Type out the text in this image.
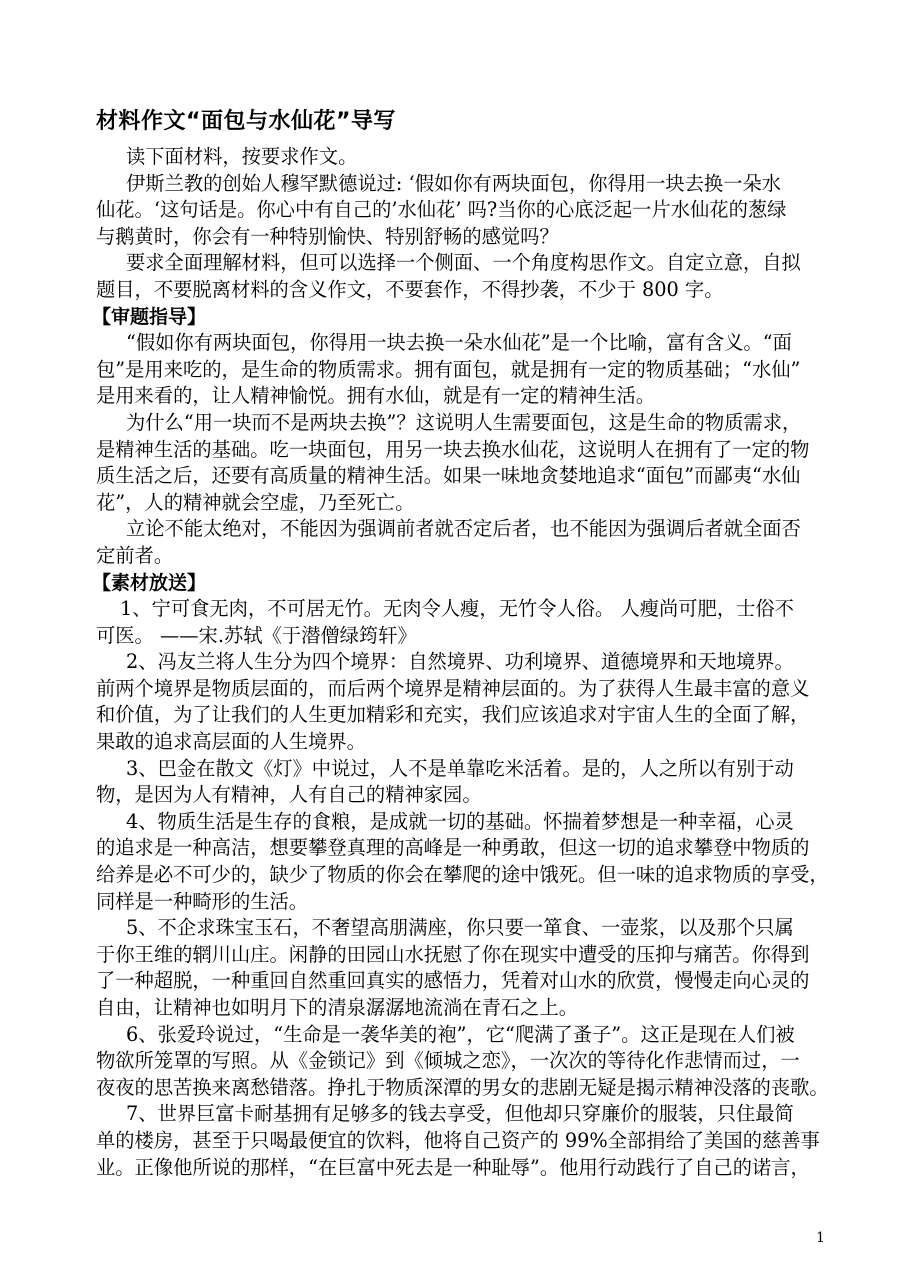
材料作文“面包与水仙花”导写
读下面材料，按要求作文。
伊斯兰教的创始人穆罕默德说过: ‘假如你有两块面包，你得用一块去换一朵水
仙花。‘这句话是。你心中有自己的’水仙花’ 吗?当你的心底泛起一片水仙花的葱绿
与鹅黄时，你会有一种特别愉快、特别舒畅的感觉吗？
要求全面理解材料，但可以选择一个侧面、一个角度构思作文。自定立意，自拟
题目，不要脱离材料的含义作文，不要套作，不得抄袭，不少于 800 字。
【审题指导】
“假如你有两块面包，你得用一块去换一朵水仙花”是一个比喻，富有含义。“面
包”是用来吃的，是生命的物质需求。拥有面包，就是拥有一定的物质基础；“水仙”
是用来看的，让人精神愉悦。拥有水仙，就是有一定的精神生活。
为什么“用一块而不是两块去换”？这说明人生需要面包，这是生命的物质需求，
是精神生活的基础。吃一块面包，用另一块去换水仙花，这说明人在拥有了一定的物
质生活之后，还要有高质量的精神生活。如果一味地贪婪地追求“面包”而鄙夷“水仙
花”，人的精神就会空虚，乃至死亡。
立论不能太绝对，不能因为强调前者就否定后者，也不能因为强调后者就全面否
定前者。
【素材放送】
1、宁可食无肉，不可居无竹。无肉令人瘦，无竹令人俗。 人瘦尚可肥，士俗不
可医。 ——宋.苏轼《于潜僧绿筠轩》
2、冯友兰将人生分为四个境界：自然境界、功利境界、道德境界和天地境界。
前两个境界是物质层面的，而后两个境界是精神层面的。为了获得人生最丰富的意义
和价值，为了让我们的人生更加精彩和充实，我们应该追求对宇宙人生的全面了解，
果敢的追求高层面的人生境界。
3、巴金在散文《灯》中说过，人不是单靠吃米活着。是的，人之所以有别于动
物，是因为人有精神，人有自己的精神家园。
4、物质生活是生存的食粮，是成就一切的基础。怀揣着梦想是一种幸福，心灵
的追求是一种高洁，想要攀登真理的高峰是一种勇敢，但这一切的追求攀登中物质的
给养是必不可少的，缺少了物质的你会在攀爬的途中饿死。但一味的追求物质的享受，
同样是一种畸形的生活。
5、不企求珠宝玉石，不奢望高朋满座，你只要一箪食、一壶浆，以及那个只属
于你王维的辋川山庄。闲静的田园山水抚慰了你在现实中遭受的压抑与痛苦。你得到
了一种超脱，一种重回自然重回真实的感悟力，凭着对山水的欣赏，慢慢走向心灵的
自由，让精神也如明月下的清泉潺潺地流淌在青石之上。
6、张爱玲说过，“生命是一袭华美的袍”，它“爬满了蚤子”。这正是现在人们被
物欲所笼罩的写照。从《金锁记》到《倾城之恋》，一次次的等待化作悲情而过，一
夜夜的思苦换来离愁错落。挣扎于物质深潭的男女的悲剧无疑是揭示精神没落的丧歌。
7、世界巨富卡耐基拥有足够多的钱去享受，但他却只穿廉价的服装，只住最简
单的楼房，甚至于只喝最便宜的饮料，他将自己资产的 99%全部捐给了美国的慈善事
业。正像他所说的那样，“在巨富中死去是一种耻辱”。他用行动践行了自己的诺言，
1
